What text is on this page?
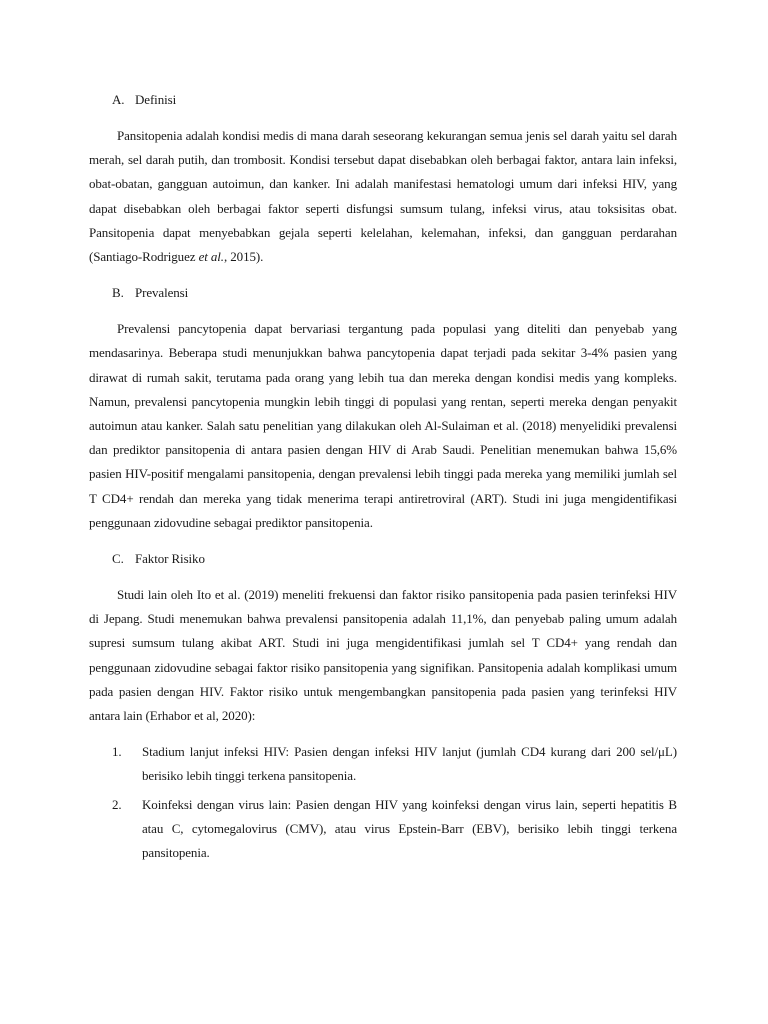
A. Definisi

Pansitopenia adalah kondisi medis di mana darah seseorang kekurangan semua jenis sel darah yaitu sel darah merah, sel darah putih, dan trombosit. Kondisi tersebut dapat disebabkan oleh berbagai faktor, antara lain infeksi, obat-obatan, gangguan autoimun, dan kanker. Ini adalah manifestasi hematologi umum dari infeksi HIV, yang dapat disebabkan oleh berbagai faktor seperti disfungsi sumsum tulang, infeksi virus, atau toksisitas obat. Pansitopenia dapat menyebabkan gejala seperti kelelahan, kelemahan, infeksi, dan gangguan perdarahan (Santiago-Rodriguez et al., 2015).

B. Prevalensi

Prevalensi pancytopenia dapat bervariasi tergantung pada populasi yang diteliti dan penyebab yang mendasarinya. Beberapa studi menunjukkan bahwa pancytopenia dapat terjadi pada sekitar 3-4% pasien yang dirawat di rumah sakit, terutama pada orang yang lebih tua dan mereka dengan kondisi medis yang kompleks. Namun, prevalensi pancytopenia mungkin lebih tinggi di populasi yang rentan, seperti mereka dengan penyakit autoimun atau kanker. Salah satu penelitian yang dilakukan oleh Al-Sulaiman et al. (2018) menyelidiki prevalensi dan prediktor pansitopenia di antara pasien dengan HIV di Arab Saudi. Penelitian menemukan bahwa 15,6% pasien HIV-positif mengalami pansitopenia, dengan prevalensi lebih tinggi pada mereka yang memiliki jumlah sel T CD4+ rendah dan mereka yang tidak menerima terapi antiretroviral (ART). Studi ini juga mengidentifikasi penggunaan zidovudine sebagai prediktor pansitopenia.

C. Faktor Risiko

Studi lain oleh Ito et al. (2019) meneliti frekuensi dan faktor risiko pansitopenia pada pasien terinfeksi HIV di Jepang. Studi menemukan bahwa prevalensi pansitopenia adalah 11,1%, dan penyebab paling umum adalah supresi sumsum tulang akibat ART. Studi ini juga mengidentifikasi jumlah sel T CD4+ yang rendah dan penggunaan zidovudine sebagai faktor risiko pansitopenia yang signifikan. Pansitopenia adalah komplikasi umum pada pasien dengan HIV. Faktor risiko untuk mengembangkan pansitopenia pada pasien yang terinfeksi HIV antara lain (Erhabor et al, 2020):

1. Stadium lanjut infeksi HIV: Pasien dengan infeksi HIV lanjut (jumlah CD4 kurang dari 200 sel/μL) berisiko lebih tinggi terkena pansitopenia.
2. Koinfeksi dengan virus lain: Pasien dengan HIV yang koinfeksi dengan virus lain, seperti hepatitis B atau C, cytomegalovirus (CMV), atau virus Epstein-Barr (EBV), berisiko lebih tinggi terkena pansitopenia.
